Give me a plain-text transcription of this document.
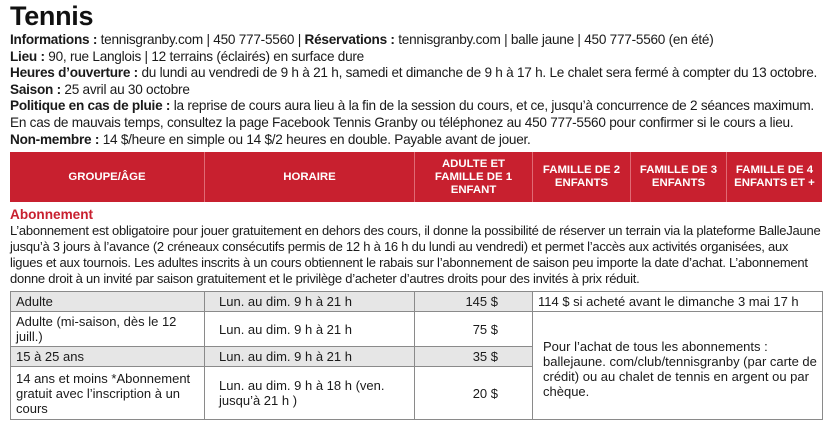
Tennis
Informations : tennisgranby.com | 450 777-5560 | Réservations : tennisgranby.com | balle jaune | 450 777-5560 (en été)
Lieu : 90, rue Langlois | 12 terrains (éclairés) en surface dure
Heures d’ouverture : du lundi au vendredi de 9 h à 21 h, samedi et dimanche de 9 h à 17 h. Le chalet sera fermé à compter du 13 octobre.
Saison : 25 avril au 30 octobre
Politique en cas de pluie : la reprise de cours aura lieu à la fin de la session du cours, et ce, jusqu’à concurrence de 2 séances maximum.
En cas de mauvais temps, consultez la page Facebook Tennis Granby ou téléphonez au 450 777-5560 pour confirmer si le cours a lieu.
Non-membre : 14 $/heure en simple ou 14 $/2 heures en double. Payable avant de jouer.
GROUPE/ÂGE	HORAIRE	ADULTE ET FAMILLE DE 1 ENFANT	FAMILLE DE 2 ENFANTS	FAMILLE DE 3 ENFANTS	FAMILLE DE 4 ENFANTS ET +
Abonnement
L’abonnement est obligatoire pour jouer gratuitement en dehors des cours, il donne la possibilité de réserver un terrain via la plateforme BalleJaune jusqu’à 3 jours à l’avance (2 créneaux consécutifs permis de 12 h à 16 h du lundi au vendredi) et permet l’accès aux activités organisées, aux ligues et aux tournois. Les adultes inscrits à un cours obtiennent le rabais sur l’abonnement de saison peu importe la date d’achat. L’abonnement donne droit à un invité par saison gratuitement et le privilège d’acheter d’autres droits pour des invités à prix réduit.
Adulte	Lun. au dim. 9 h à 21 h	145 $	114 $ si acheté avant le dimanche 3 mai 17 h
Adulte (mi-saison, dès le 12 juill.)	Lun. au dim. 9 h à 21 h	75 $	Pour l’achat de tous les abonnements : ballejaune. com/club/tennisgranby (par carte de crédit) ou au chalet de tennis en argent ou par chèque.
15 à 25 ans	Lun. au dim. 9 h à 21 h	35 $	
14 ans et moins *Abonnement gratuit avec l’inscription à un cours	Lun. au dim. 9 h à 18 h (ven. jusqu’à 21 h )	20 $	
